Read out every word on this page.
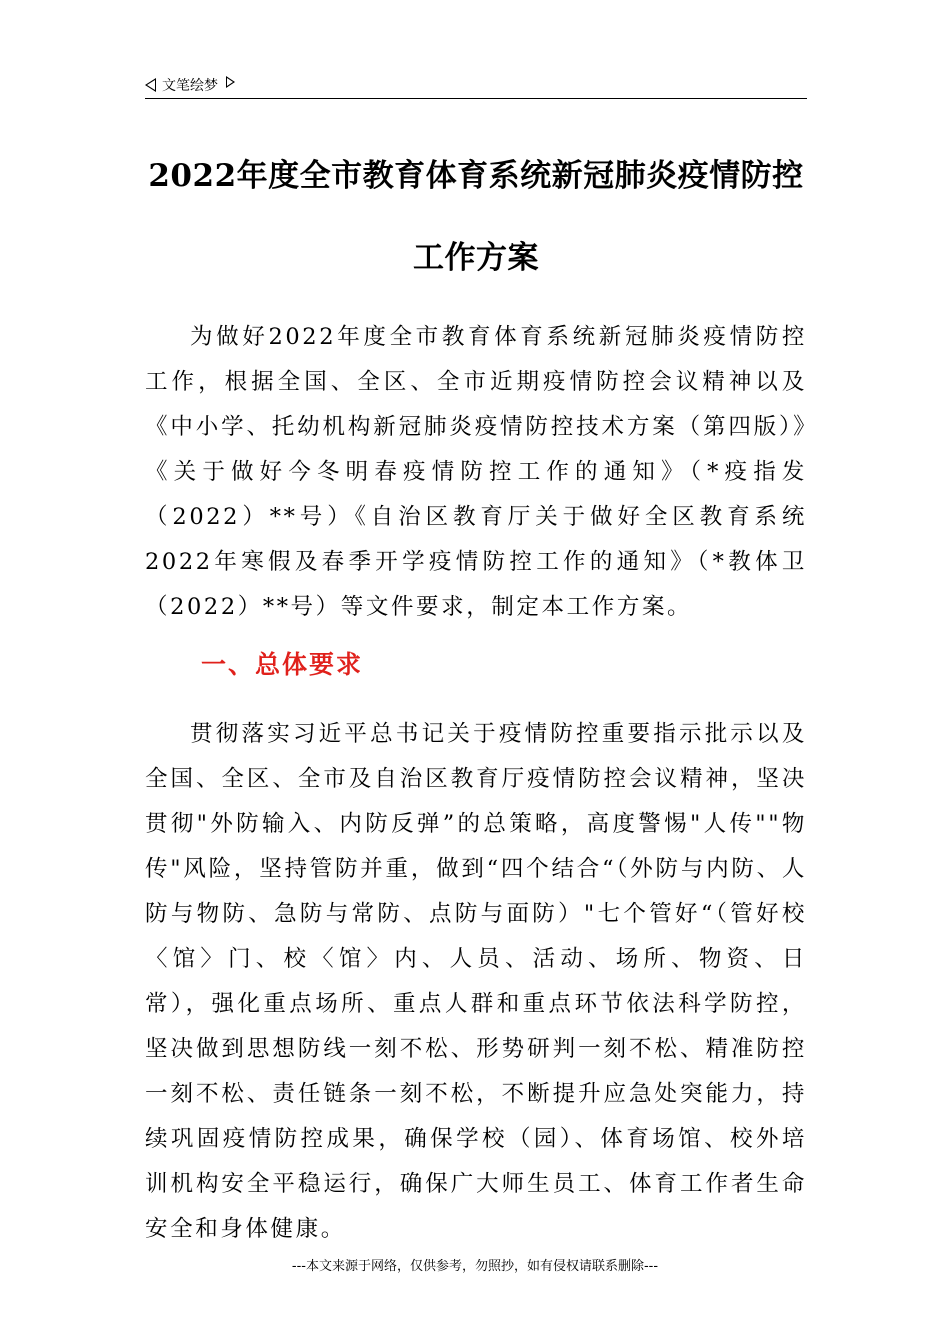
文笔绘梦
2022年度全市教育体育系统新冠肺炎疫情防控
工作方案

为做好2022年度全市教育体育系统新冠肺炎疫情防控工作，根据全国、全区、全市近期疫情防控会议精神以及《中小学、托幼机构新冠肺炎疫情防控技术方案（第四版）》《关于做好今冬明春疫情防控工作的通知》（*疫指发（2022）**号）《自治区教育厅关于做好全区教育系统2022年寒假及春季开学疫情防控工作的通知》（*教体卫（2022）**号）等文件要求，制定本工作方案。

一、总体要求

贯彻落实习近平总书记关于疫情防控重要指示批示以及全国、全区、全市及自治区教育厅疫情防控会议精神，坚决贯彻"外防输入、内防反弹”的总策略，高度警惕"人传""物传"风险，坚持管防并重，做到“四个结合“（外防与内防、人防与物防、急防与常防、点防与面防）"七个管好“（管好校〈馆〉门、校〈馆〉内、人员、活动、场所、物资、日常），强化重点场所、重点人群和重点环节依法科学防控，坚决做到思想防线一刻不松、形势研判一刻不松、精准防控一刻不松、责任链条一刻不松，不断提升应急处突能力，持续巩固疫情防控成果，确保学校（园）、体育场馆、校外培训机构安全平稳运行，确保广大师生员工、体育工作者生命安全和身体健康。

---本文来源于网络，仅供参考，勿照抄，如有侵权请联系删除---
